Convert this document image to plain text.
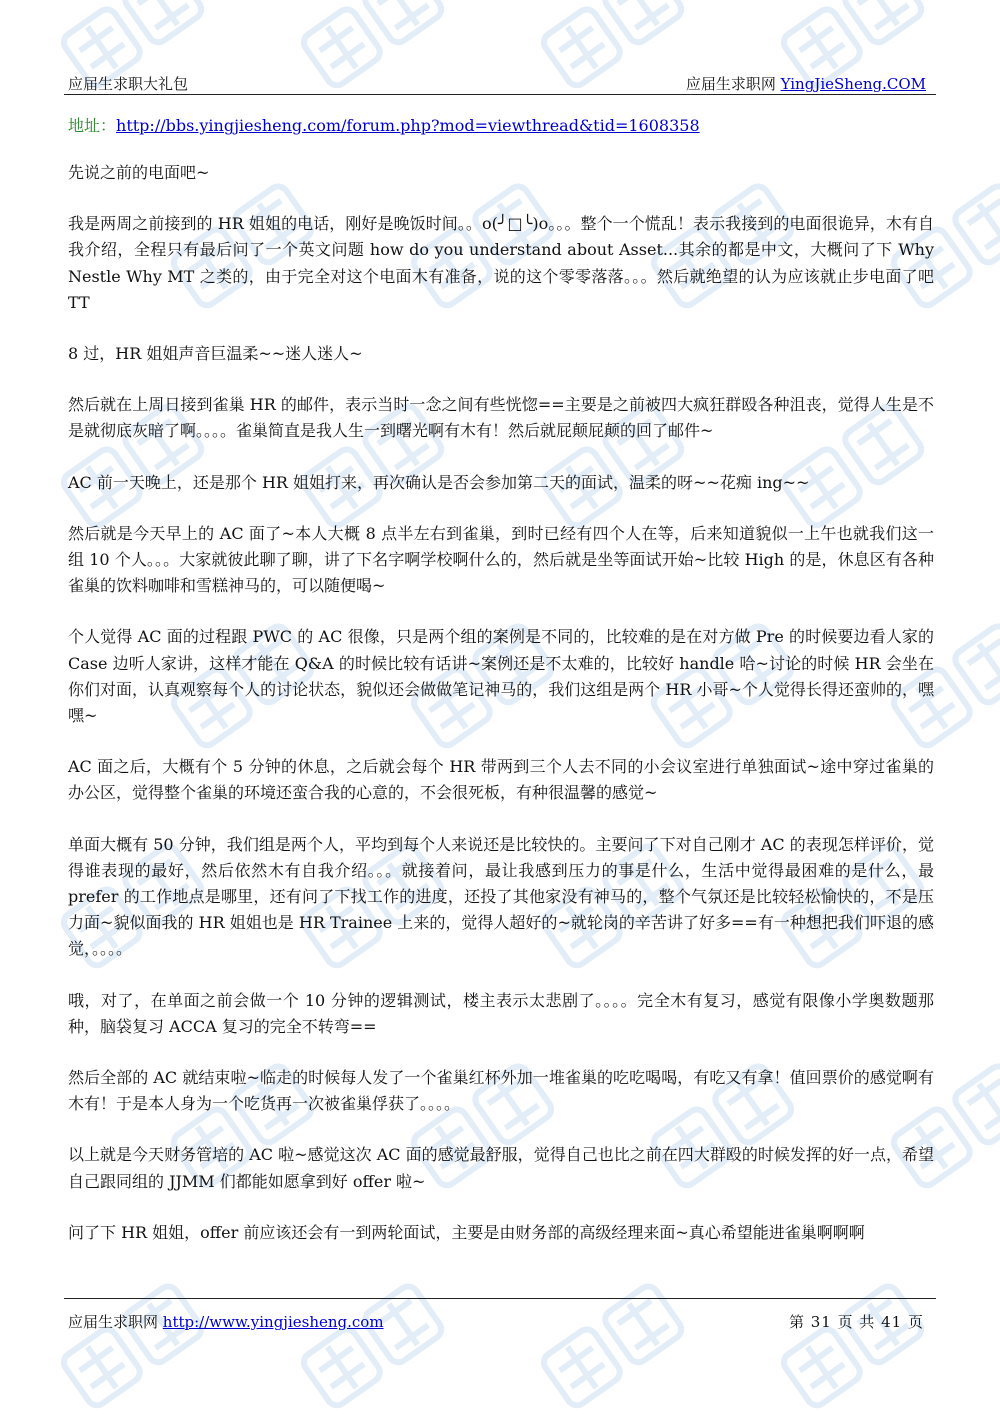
应届生求职大礼包	应届生求职网 YingJieSheng.COM
地址：http://bbs.yingjiesheng.com/forum.php?mod=viewthread&tid=1608358

先说之前的电面吧~

我是两周之前接到的 HR 姐姐的电话，刚好是晚饭时间。。o(╯□╰)o。。。整个一个慌乱！表示我接到的电面很诡异，木有自我介绍，全程只有最后问了一个英文问题 how do you understand about Asset...其余的都是中文，大概问了下 Why Nestle Why MT 之类的，由于完全对这个电面木有准备，说的这个零零落落。。。然后就绝望的认为应该就止步电面了吧 TT

8 过，HR 姐姐声音巨温柔~~迷人迷人~

然后就在上周日接到雀巢 HR 的邮件，表示当时一念之间有些恍惚==主要是之前被四大疯狂群殴各种沮丧，觉得人生是不是就彻底灰暗了啊。。。。雀巢简直是我人生一到曙光啊有木有！然后就屁颠屁颠的回了邮件~

AC 前一天晚上，还是那个 HR 姐姐打来，再次确认是否会参加第二天的面试，温柔的呀~~花痴 ing~~

然后就是今天早上的 AC 面了~本人大概 8 点半左右到雀巢，到时已经有四个人在等，后来知道貌似一上午也就我们这一组 10 个人。。。大家就彼此聊了聊，讲了下名字啊学校啊什么的，然后就是坐等面试开始~比较 High 的是，休息区有各种雀巢的饮料咖啡和雪糕神马的，可以随便喝~

个人觉得 AC 面的过程跟 PWC 的 AC 很像，只是两个组的案例是不同的，比较难的是在对方做 Pre 的时候要边看人家的 Case 边听人家讲，这样才能在 Q&A 的时候比较有话讲~案例还是不太难的，比较好 handle 哈~讨论的时候 HR 会坐在你们对面，认真观察每个人的讨论状态，貌似还会做做笔记神马的，我们这组是两个 HR 小哥~个人觉得长得还蛮帅的，嘿嘿~

AC 面之后，大概有个 5 分钟的休息，之后就会每个 HR 带两到三个人去不同的小会议室进行单独面试~途中穿过雀巢的办公区，觉得整个雀巢的环境还蛮合我的心意的，不会很死板，有种很温馨的感觉~

单面大概有 50 分钟，我们组是两个人，平均到每个人来说还是比较快的。主要问了下对自己刚才 AC 的表现怎样评价，觉得谁表现的最好，然后依然木有自我介绍。。。就接着问，最让我感到压力的事是什么，生活中觉得最困难的是什么，最 prefer 的工作地点是哪里，还有问了下找工作的进度，还投了其他家没有神马的，整个气氛还是比较轻松愉快的，不是压力面~貌似面我的 HR 姐姐也是 HR Trainee 上来的，觉得人超好的~就轮岗的辛苦讲了好多==有一种想把我们吓退的感觉，。。。。

哦，对了，在单面之前会做一个 10 分钟的逻辑测试，楼主表示太悲剧了。。。。完全木有复习，感觉有限像小学奥数题那种，脑袋复习 ACCA 复习的完全不转弯==

然后全部的 AC 就结束啦~临走的时候每人发了一个雀巢红杯外加一堆雀巢的吃吃喝喝，有吃又有拿！值回票价的感觉啊有木有！于是本人身为一个吃货再一次被雀巢俘获了。。。。

以上就是今天财务管培的 AC 啦~感觉这次 AC 面的感觉最舒服，觉得自己也比之前在四大群殴的时候发挥的好一点，希望自己跟同组的 JJMM 们都能如愿拿到好 offer 啦~

问了下 HR 姐姐，offer 前应该还会有一到两轮面试，主要是由财务部的高级经理来面~真心希望能进雀巢啊啊啊

应届生求职网 http://www.yingjiesheng.com	第 31 页 共 41 页
